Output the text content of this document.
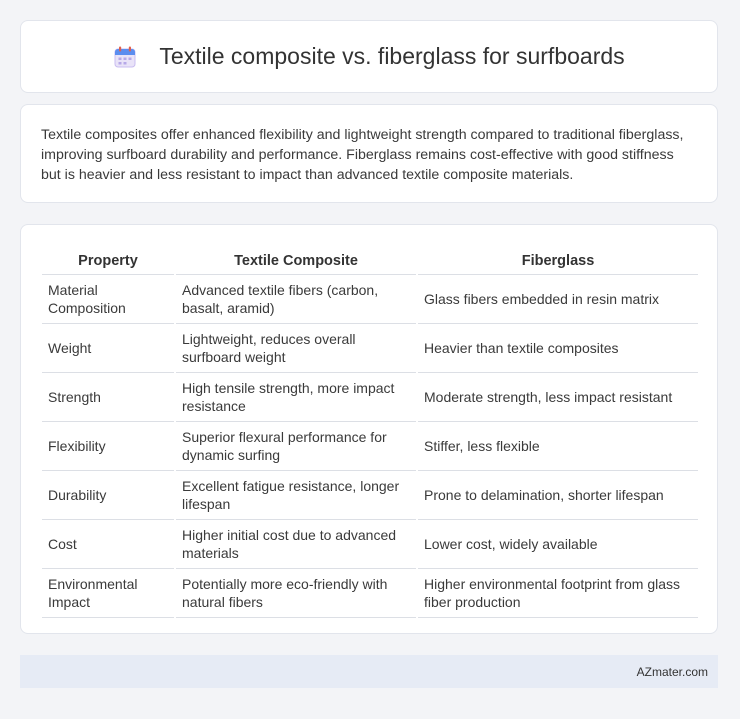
Textile composite vs. fiberglass for surfboards

Textile composites offer enhanced flexibility and lightweight strength compared to traditional fiberglass, improving surfboard durability and performance. Fiberglass remains cost-effective with good stiffness but is heavier and less resistant to impact than advanced textile composite materials.

Property	Textile Composite	Fiberglass
Material Composition	Advanced textile fibers (carbon, basalt, aramid)	Glass fibers embedded in resin matrix
Weight	Lightweight, reduces overall surfboard weight	Heavier than textile composites
Strength	High tensile strength, more impact resistance	Moderate strength, less impact resistant
Flexibility	Superior flexural performance for dynamic surfing	Stiffer, less flexible
Durability	Excellent fatigue resistance, longer lifespan	Prone to delamination, shorter lifespan
Cost	Higher initial cost due to advanced materials	Lower cost, widely available
Environmental Impact	Potentially more eco-friendly with natural fibers	Higher environmental footprint from glass fiber production
AZmater.com
